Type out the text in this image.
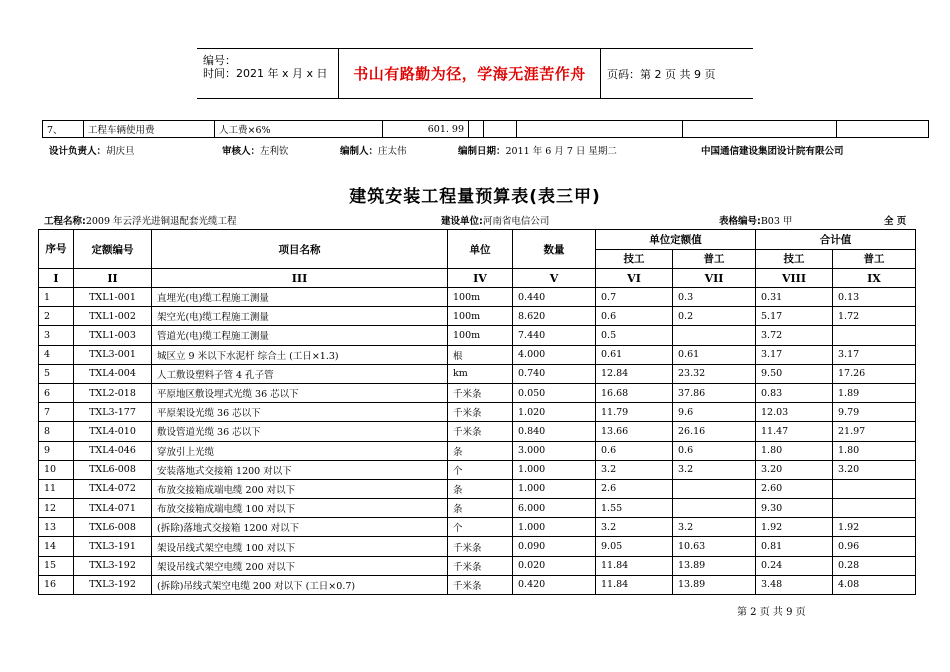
编号：
时间：2021 年 x 月 x 日	书山有路勤为径，学海无涯苦作舟	页码：第 2 页 共 9 页
7、	工程车辆使用费	人工费×6%	601. 99					
设计负责人：胡庆旦	审核人：左利钦	编制人：庄太伟	编制日期：2011 年 6 月 7 日 星期二	中国通信建设集团设计院有限公司
建筑安装工程量预算表(表三甲)
工程名称:2009 年云浮光进铜退配套光缆工程	建设单位:河南省电信公司	表格编号:B03 甲	全 页
序号	定额编号	项目名称	单位	数量	单位定额值		合计值	
					技工	普工	技工	普工
I	II	III	IV	V	VI	VII	VIII	IX
1	TXL1-001	直埋光(电)缆工程施工测量	100m	0.440	0.7	0.3	0.31	0.13
2	TXL1-002	架空光(电)缆工程施工测量	100m	8.620	0.6	0.2	5.17	1.72
3	TXL1-003	管道光(电)缆工程施工测量	100m	7.440	0.5		3.72	
4	TXL3-001	城区立 9 米以下水泥杆 综合土 (工日×1.3)	根	4.000	0.61	0.61	3.17	3.17
5	TXL4-004	人工敷设塑料子管 4 孔子管	km	0.740	12.84	23.32	9.50	17.26
6	TXL2-018	平原地区敷设埋式光缆 36 芯以下	千米条	0.050	16.68	37.86	0.83	1.89
7	TXL3-177	平原架设光缆 36 芯以下	千米条	1.020	11.79	9.6	12.03	9.79
8	TXL4-010	敷设管道光缆 36 芯以下	千米条	0.840	13.66	26.16	11.47	21.97
9	TXL4-046	穿放引上光缆	条	3.000	0.6	0.6	1.80	1.80
10	TXL6-008	安装落地式交接箱 1200 对以下	个	1.000	3.2	3.2	3.20	3.20
11	TXL4-072	布放交接箱成端电缆 200 对以下	条	1.000	2.6		2.60	
12	TXL4-071	布放交接箱成端电缆 100 对以下	条	6.000	1.55		9.30	
13	TXL6-008	(拆除)落地式交接箱 1200 对以下	个	1.000	3.2	3.2	1.92	1.92
14	TXL3-191	架设吊线式架空电缆 100 对以下	千米条	0.090	9.05	10.63	0.81	0.96
15	TXL3-192	架设吊线式架空电缆 200 对以下	千米条	0.020	11.84	13.89	0.24	0.28
16	TXL3-192	(拆除)吊线式架空电缆 200 对以下 (工日×0.7)	千米条	0.420	11.84	13.89	3.48	4.08
第 2 页 共 9 页
